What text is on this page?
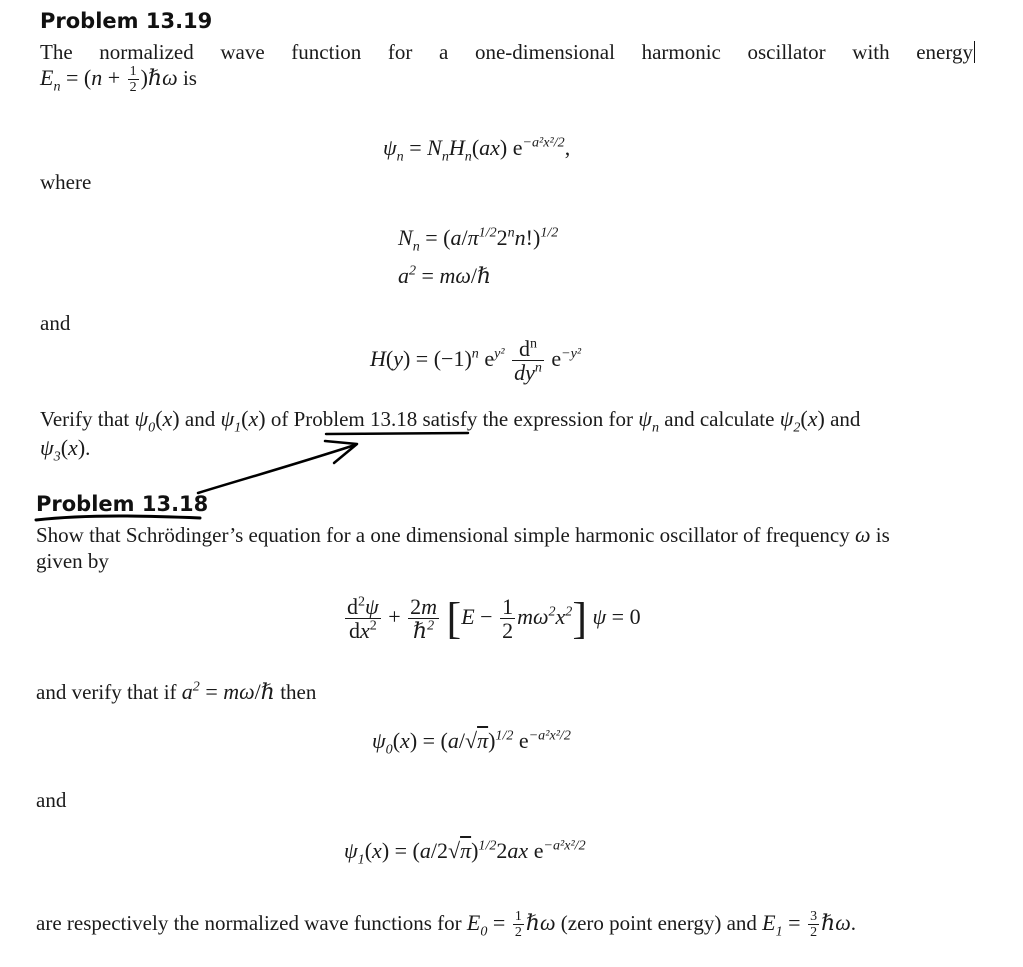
Problem 13.19
The normalized wave function for a one-dimensional harmonic oscillator with energy
$E_n = (n + \frac{1}{2}$ )ℏω is
$\psi_n = N_nH_n(ax)$ $e^{-a^2x^2/2}$,
where
$N_n = (a/\pi^{1/2}2^nn!)^{1/2}$
$a^2$ = mω/ℏ
and
$H(y) = (-1)^n$ $e^{y^2} \frac{d^n}{dy^n} e^{-y^2}$
Verify that $\psi_0(x)$ and $\psi_1(x)$ of Problem 13.18 satisfy the expression for $\psi_n$ and calculate $\psi_2(x)$ and
$\psi_3(x)$.
Problem 13.18
Show that Schrödinger’s equation for a one dimensional simple harmonic oscillator of frequency ω is
given by
$\frac{d^2\psi}{dx^2} + \frac{2m}{\hbar^2} [E - \frac{1}{2} m\omega^2x^2] \psi = 0$
and verify that if $a^2$ = mω/ℏ then
$\psi_0(x) = (a/√\pi)^{1/2}$ $e^{-a^2x^2/2}$
and
$\psi_1(x) = (a/2√\pi)^{1/2}2ax$ $e^{-a^2x^2/2}$
are respectively the normalized wave functions for $E_0 = \frac{1}{2}$ ℏω (zero point energy) and $E_1 = \frac{3}{2}$ ℏω.
